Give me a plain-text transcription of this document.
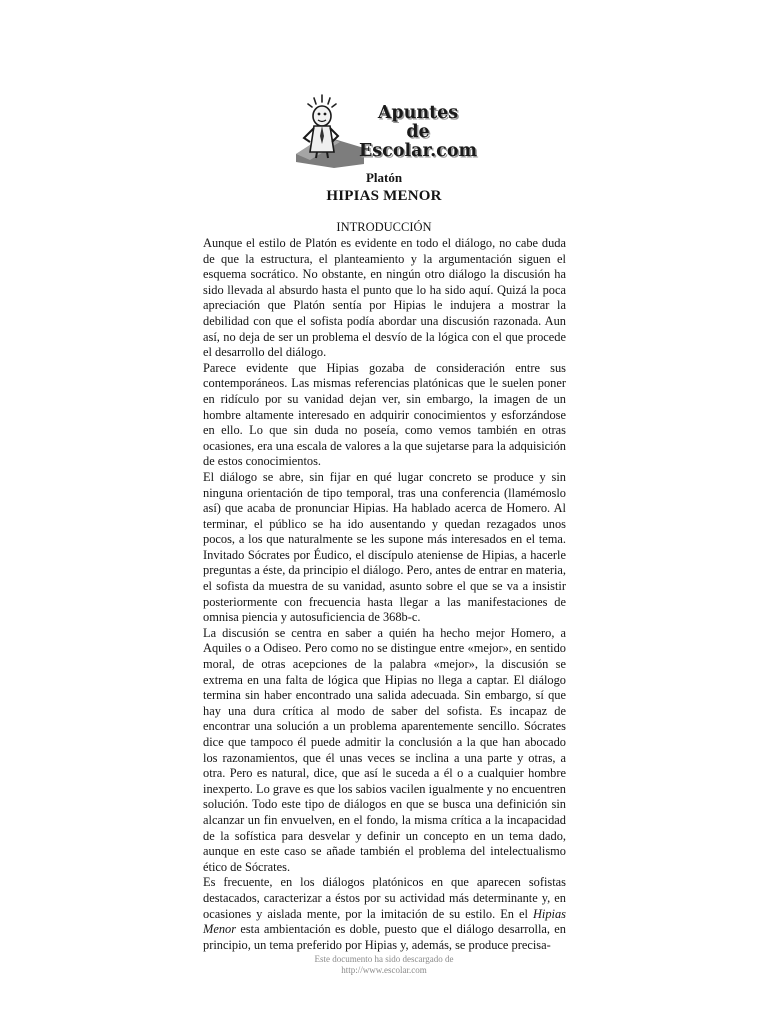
Apuntes
de
Escolar.com
Platón
HIPIAS MENOR
INTRODUCCIÓN

Aunque el estilo de Platón es evidente en todo el diálogo, no cabe duda de que la estructura, el planteamiento y la argumentación siguen el esquema socrático. No obstante, en ningún otro diálogo la discusión ha sido llevada al absurdo hasta el punto que lo ha sido aquí. Quizá la poca apreciación que Platón sentía por Hipias le indujera a mostrar la debilidad con que el sofista podía abordar una discusión razonada. Aun así, no deja de ser un problema el desvío de la lógica con el que procede el desarrollo del diálogo.

Parece evidente que Hipias gozaba de consideración entre sus contemporáneos. Las mismas referencias platónicas que le suelen poner en ridículo por su vanidad dejan ver, sin embargo, la imagen de un hombre altamente interesado en adquirir conocimientos y esforzándose en ello. Lo que sin duda no poseía, como vemos también en otras ocasiones, era una escala de valores a la que sujetarse para la adquisición de estos conocimientos.

El diálogo se abre, sin fijar en qué lugar concreto se produce y sin ninguna orientación de tipo temporal, tras una conferencia (llamémoslo así) que acaba de pronunciar Hipias. Ha hablado acerca de Homero. Al terminar, el público se ha ido ausentando y quedan rezagados unos pocos, a los que naturalmente se les supone más interesados en el tema. Invitado Sócrates por Éudico, el discípulo ateniense de Hipias, a hacerle preguntas a éste, da principio el diálogo. Pero, antes de entrar en materia, el sofista da muestra de su vanidad, asunto sobre el que se va a insistir posteriormente con frecuencia hasta llegar a las manifestaciones de omnisa piencia y autosuficiencia de 368b-c.

La discusión se centra en saber a quién ha hecho mejor Homero, a Aquiles o a Odiseo. Pero como no se distingue entre «mejor», en sentido moral, de otras acepciones de la palabra «mejor», la discusión se extrema en una falta de lógica que Hipias no llega a captar. El diálogo termina sin haber encontrado una salida adecuada. Sin embargo, sí que hay una dura crítica al modo de saber del sofista. Es incapaz de encontrar una solución a un problema aparentemente sencillo. Sócrates dice que tampoco él puede admitir la conclusión a la que han abocado los razonamientos, que él unas veces se inclina a una parte y otras, a otra. Pero es natural, dice, que así le suceda a él o a cualquier hombre inexperto. Lo grave es que los sabios vacilen igualmente y no encuentren solución. Todo este tipo de diálogos en que se busca una definición sin alcanzar un fin envuelven, en el fondo, la misma crítica a la incapacidad de la sofística para desvelar y definir un concepto en un tema dado, aunque en este caso se añade también el problema del intelectualismo ético de Sócrates.

Es frecuente, en los diálogos platónicos en que aparecen sofistas destacados, caracterizar a éstos por su actividad más determinante y, en ocasiones y aislada mente, por la imitación de su estilo. En el Hipias Menor esta ambientación es doble, puesto que el diálogo desarrolla, en principio, un tema preferido por Hipias y, además, se produce precisa-

Este documento ha sido descargado de
http://www.escolar.com
